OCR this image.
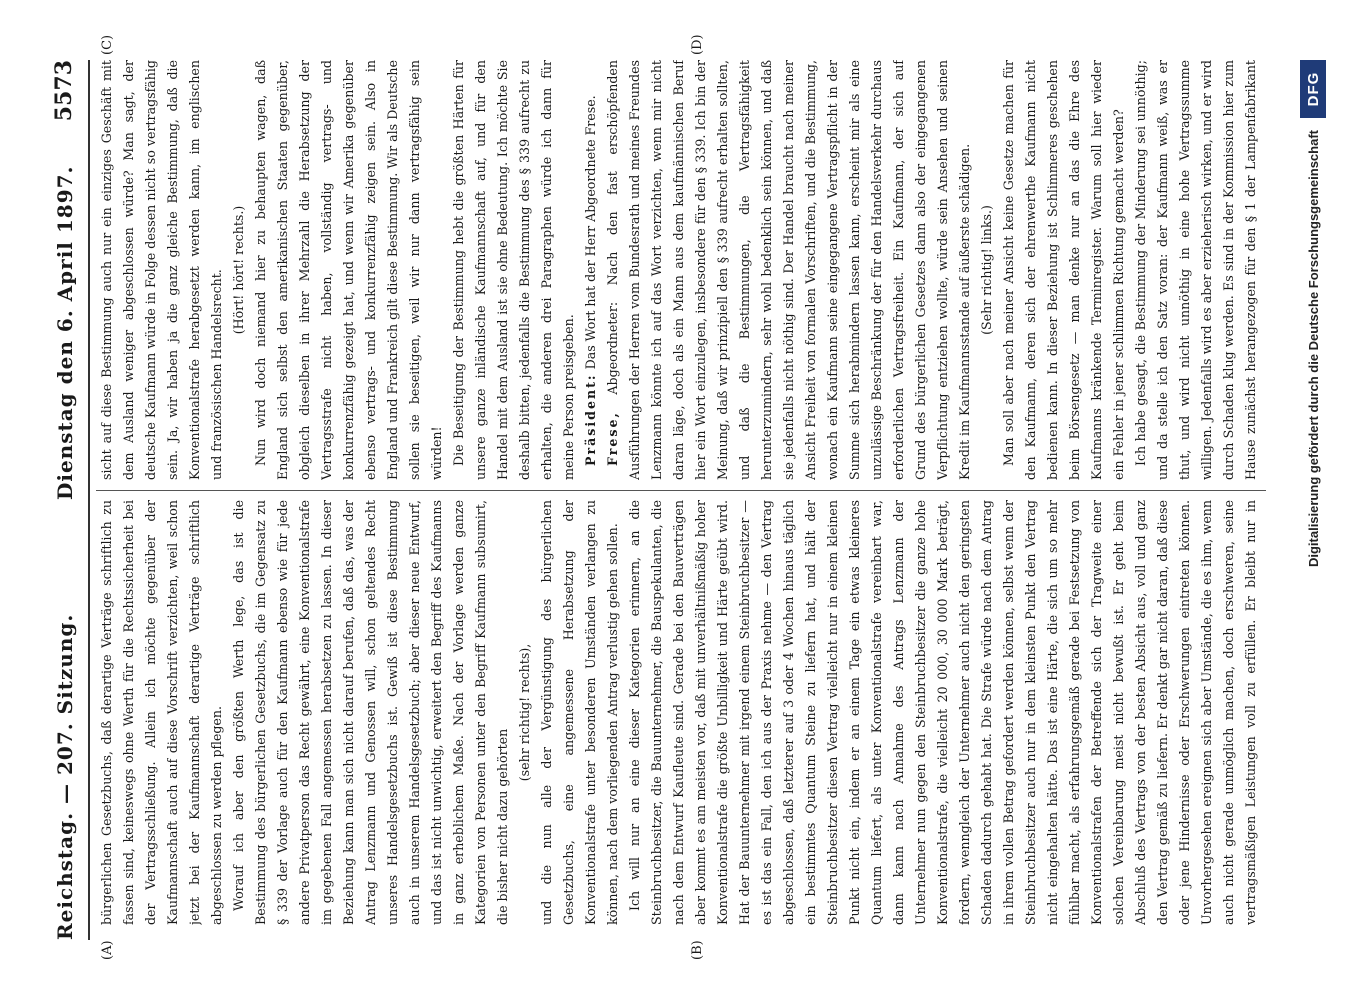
Reichstag. — 207. Sitzung.
Dienstag den 6. April 1897.
5573
(A)	(B)
(C)	(D)

bürgerlichen Gesetzbuchs, daß derartige Verträge schriftlich zu fassen sind, keineswegs ohne Werth für die Rechtssicherheit bei der Vertragsschließung. Allein ich möchte gegenüber der Kaufmannschaft auch auf diese Vorschrift verzichten, weil schon jetzt bei der Kaufmannschaft derartige Verträge schriftlich abgeschlossen zu werden pflegen. Worauf ich aber den größten Werth lege, das ist die Bestimmung des bürgerlichen Gesetzbuchs, die im Gegensatz zu § 339 der Vorlage auch für den Kaufmann ebenso wie für jede andere Privatperson das Recht gewährt, eine Konventionalstrafe im gegebenen Fall angemessen herabsetzen zu lassen. In dieser Beziehung kann man sich nicht darauf berufen, daß das, was der Antrag Lenzmann und Genossen will, schon geltendes Recht unseres Handelsgesetzbuchs ist. Gewiß ist diese Bestimmung auch in unserem Handelsgesetzbuch; aber dieser neue Entwurf, und das ist nicht unwichtig, erweitert den Begriff des Kaufmanns in ganz erheblichem Maße. Nach der Vorlage werden ganze Kategorien von Personen unter den Begriff Kaufmann subsumirt, die bisher nicht dazu gehörten

(sehr richtig! rechts), und die nun alle der Vergünstigung des bürgerlichen Gesetzbuchs, eine angemessene Herabsetzung der Konventionalstrafe unter besonderen Umständen verlangen zu können, nach dem vorliegenden Antrag verlustig gehen sollen. Ich will nur an eine dieser Kategorien erinnern, an die Steinbruchbesitzer, die Bauunternehmer, die Bauspekulanten, die nach dem Entwurf Kaufleute sind. Gerade bei den Bauverträgen aber kommt es am meisten vor, daß mit unverhältnißmäßig hoher Konventionalstrafe die größte Unbilligkeit und Härte geübt wird. Hat der Bauunternehmer mit irgend einem Steinbruchbesitzer — es ist das ein Fall, den ich aus der Praxis nehme — den Vertrag abgeschlossen, daß letzterer auf 3 oder 4 Wochen hinaus täglich ein bestimmtes Quantum Steine zu liefern hat, und hält der Steinbruchbesitzer diesen Vertrag vielleicht nur in einem kleinen Punkt nicht ein, indem er an einem Tage ein etwas kleineres Quantum liefert, als unter Konventionalstrafe vereinbart war, dann kann nach Annahme des Antrags Lenzmann der Unternehmer nun gegen den Steinbruchbesitzer die ganze hohe Konventionalstrafe, die vielleicht 20 000, 30 000 Mark beträgt, fordern, wenngleich der Unternehmer auch nicht den geringsten Schaden dadurch gehabt hat. Die Strafe würde nach dem Antrag in ihrem vollen Betrag gefordert werden können, selbst wenn der Steinbruchbesitzer auch nur in dem kleinsten Punkt den Vertrag nicht eingehalten hätte. Das ist eine Härte, die sich um so mehr fühlbar macht, als erfahrungsgemäß gerade bei Festsetzung von Konventionalstrafen der Betreffende sich der Tragweite einer solchen Vereinbarung meist nicht bewußt ist. Er geht beim Abschluß des Vertrags von der besten Absicht aus, voll und ganz den Vertrag gemäß zu liefern. Er denkt gar nicht daran, daß diese oder jene Hindernisse oder Erschwerungen eintreten können. Unvorhergesehen ereignen sich aber Umstände, die es ihm, wenn auch nicht gerade unmöglich machen, doch erschweren, seine vertragsmäßigen Leistungen voll zu erfüllen. Er bleibt nur in

sicht auf diese Bestimmung auch nur ein einziges Geschäft mit dem Ausland weniger abgeschlossen würde? Man sagt, der deutsche Kaufmann würde in Folge dessen nicht so vertragsfähig sein. Ja, wir haben ja die ganz gleiche Bestimmung, daß die Konventionalstrafe herabgesetzt werden kann, im englischen und französischen Handelsrecht. (Hört! hört! rechts.) Nun wird doch niemand hier zu behaupten wagen, daß England sich selbst den amerikanischen Staaten gegenüber, obgleich dieselben in ihrer Mehrzahl die Herabsetzung der Vertragsstrafe nicht haben, vollständig vertrags- und konkurrenzfähig gezeigt hat, und wenn wir Amerika gegenüber ebenso vertrags- und konkurrenzfähig zeigen sein. Also in England und Frankreich gilt diese Bestimmung. Wir als Deutsche sollen sie beseitigen, weil wir nur dann vertragsfähig sein würden! Die Beseitigung der Bestimmung hebt die größten Härten für unsere ganze inländische Kaufmannschaft auf, und für den Handel mit dem Ausland ist sie ohne Bedeutung. Ich möchte Sie deshalb bitten, jedenfalls die Bestimmung des § 339 aufrecht zu erhalten, die anderen drei Paragraphen würde ich dann für meine Person preisgeben. Präsident: Das Wort hat der Herr Abgeordnete Frese.

Frese, Abgeordneter: Nach den fast erschöpfenden Ausführungen der Herren vom Bundesrath und meines Freundes Lenzmann könnte ich auf das Wort verzichten, wenn mir nicht daran läge, doch als ein Mann aus dem kaufmännischen Beruf hier ein Wort einzulegen, insbesondere für den § 339. Ich bin der Meinung, daß wir prinzipiell den § 339 aufrecht erhalten sollten, und daß die Bestimmungen, die Vertragsfähigkeit herunterzumindern, sehr wohl bedenklich sein können, und daß sie jedenfalls nicht nöthig sind. Der Handel braucht nach meiner Ansicht Freiheit von formalen Vorschriften, und die Bestimmung, wonach ein Kaufmann seine eingegangene Vertragspflicht in der Summe sich herabmindern lassen kann, erscheint mir als eine unzulässige Beschränkung der für den Handelsverkehr durchaus erforderlichen Vertragsfreiheit. Ein Kaufmann, der sich auf Grund des bürgerlichen Gesetzes dann also der eingegangenen Verpflichtung entziehen wollte, würde sein Ansehen und seinen Kredit im Kaufmannsstande auf äußerste schädigen. (Sehr richtig! links.) Man soll aber nach meiner Ansicht keine Gesetze machen für den Kaufmann, deren sich der ehrenwerthe Kaufmann nicht bedienen kann. In dieser Beziehung ist Schlimmeres geschehen beim Börsengesetz — man denke nur an das die Ehre des Kaufmanns kränkende Terminregister. Warum soll hier wieder ein Fehler in jener schlimmen Richtung gemacht werden? Ich habe gesagt, die Bestimmung der Minderung sei unnöthig; und da stelle ich den Satz voran: der Kaufmann weiß, was er thut, und wird nicht unnöthig in eine hohe Vertragssumme willigen. Jedenfalls wird es aber erzieherisch wirken, und er wird durch Schaden klug werden. Es sind in der Kommission hier zum Hause zunächst herangezogen für den § 1 der Lampenfabrikant

Digitalisierung gefördert durch die Deutsche Forschungsgemeinschaft
DFG
